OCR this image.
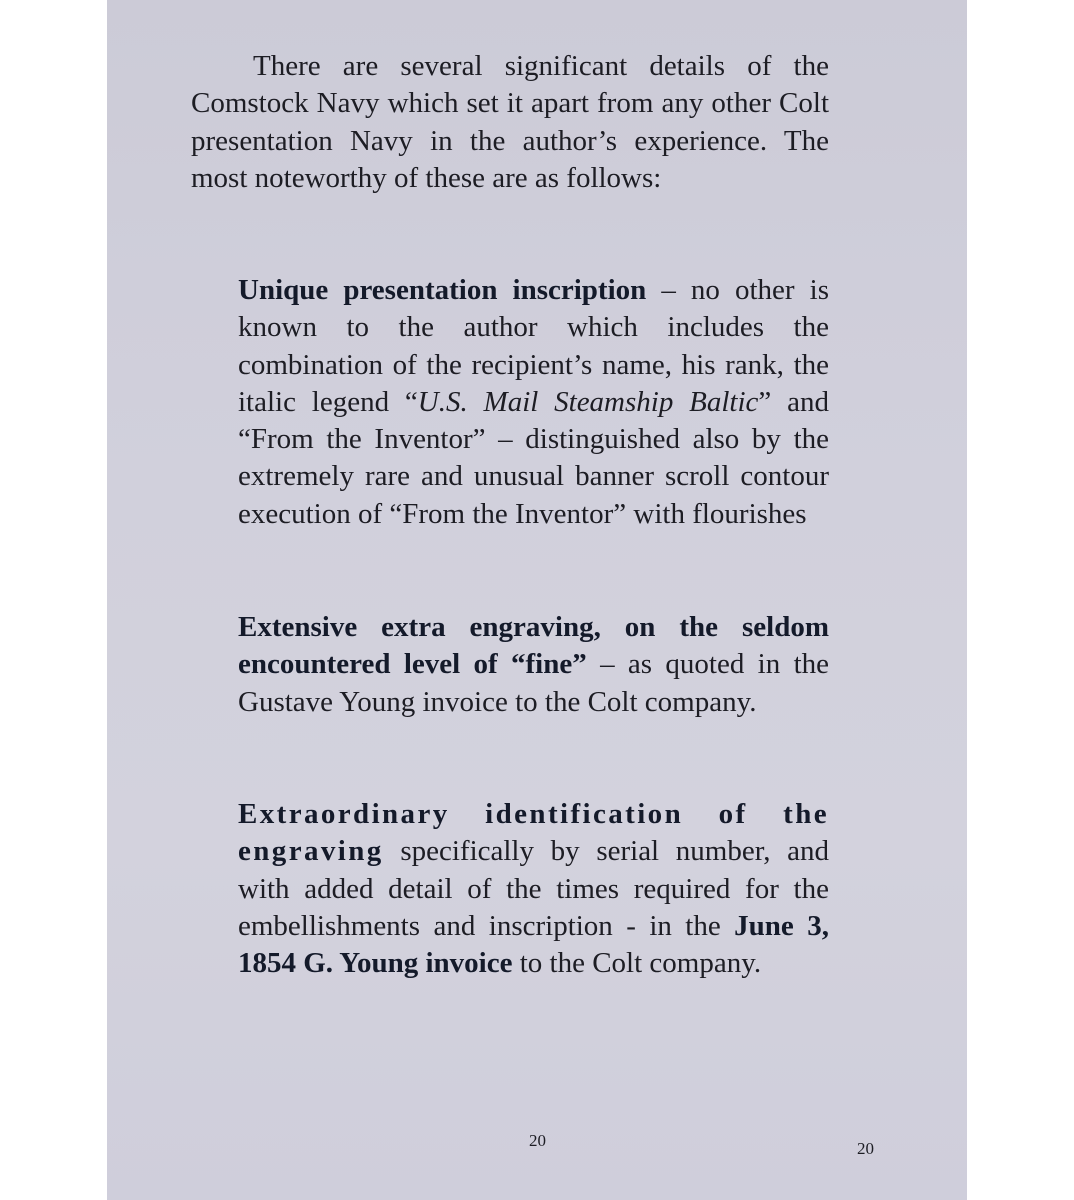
There are several significant details of the Comstock Navy which set it apart from any other Colt presentation Navy in the author’s experience. The most noteworthy of these are as follows:

Unique presentation inscription – no other is known to the author which includes the combination of the recipient’s name, his rank, the italic legend “U.S. Mail Steamship Baltic” and “From the Inventor” – distinguished also by the extremely rare and unusual banner scroll contour execution of “From the Inventor” with flourishes

Extensive extra engraving, on the seldom encountered level of “fine” – as quoted in the Gustave Young invoice to the Colt company.

Extraordinary identification of the engraving specifically by serial number, and with added detail of the times required for the embellishments and inscription - in the June 3, 1854 G. Young invoice to the Colt company.

20	20
